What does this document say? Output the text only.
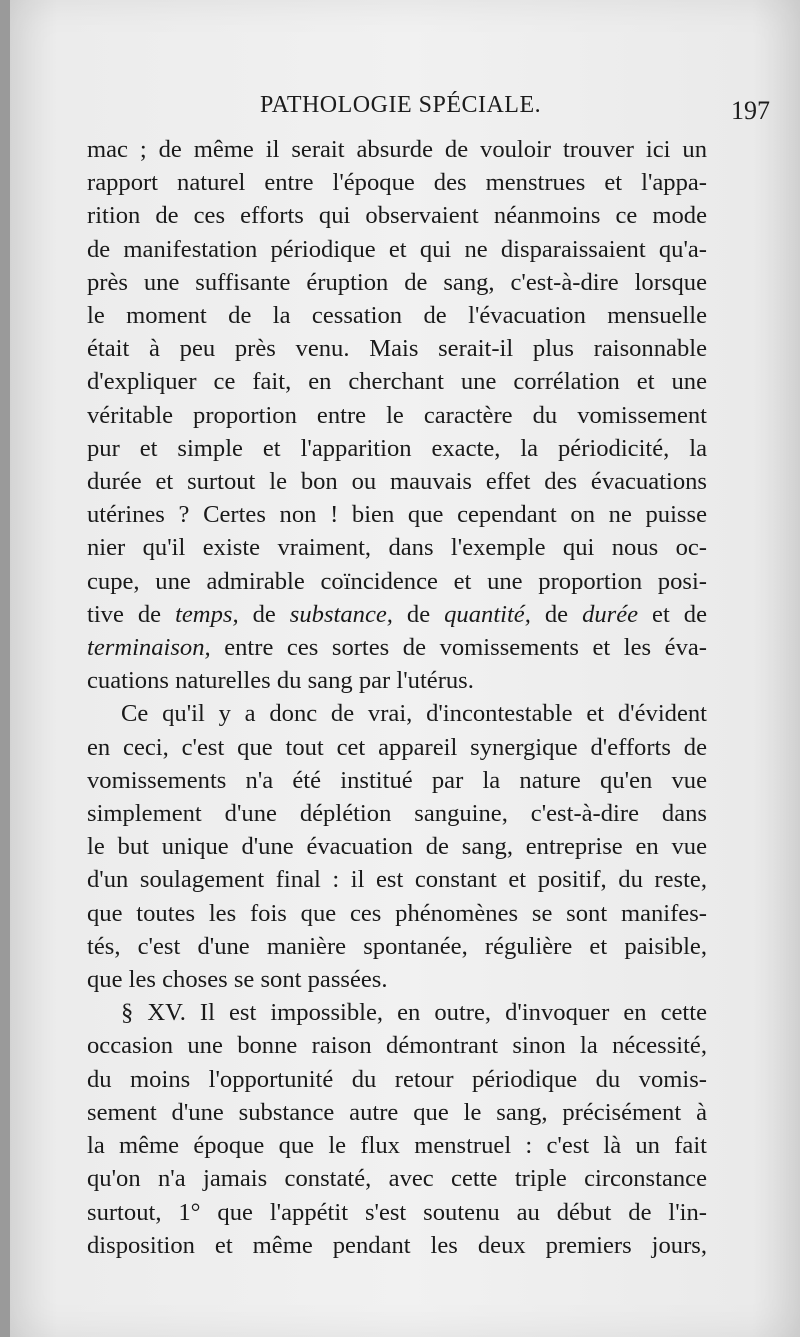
PATHOLOGIE SPÉCIALE.	197
mac ; de même il serait absurde de vouloir trouver ici un
rapport naturel entre l'époque des menstrues et l'appa-
rition de ces efforts qui observaient néanmoins ce mode
de manifestation périodique et qui ne disparaissaient qu'a-
près une suffisante éruption de sang, c'est-à-dire lorsque
le moment de la cessation de l'évacuation mensuelle
était à peu près venu. Mais serait-il plus raisonnable
d'expliquer ce fait, en cherchant une corrélation et une
véritable proportion entre le caractère du vomissement
pur et simple et l'apparition exacte, la périodicité, la
durée et surtout le bon ou mauvais effet des évacuations
utérines ? Certes non ! bien que cependant on ne puisse
nier qu'il existe vraiment, dans l'exemple qui nous oc-
cupe, une admirable coïncidence et une proportion posi-
tive de temps, de substance, de quantité, de durée et de
terminaison, entre ces sortes de vomissements et les éva-
cuations naturelles du sang par l'utérus.
Ce qu'il y a donc de vrai, d'incontestable et d'évident
en ceci, c'est que tout cet appareil synergique d'efforts de
vomissements n'a été institué par la nature qu'en vue
simplement d'une déplétion sanguine, c'est-à-dire dans
le but unique d'une évacuation de sang, entreprise en vue
d'un soulagement final : il est constant et positif, du reste,
que toutes les fois que ces phénomènes se sont manifes-
tés, c'est d'une manière spontanée, régulière et paisible,
que les choses se sont passées.
§ XV. Il est impossible, en outre, d'invoquer en cette
occasion une bonne raison démontrant sinon la nécessité,
du moins l'opportunité du retour périodique du vomis-
sement d'une substance autre que le sang, précisément à
la même époque que le flux menstruel : c'est là un fait
qu'on n'a jamais constaté, avec cette triple circonstance
surtout, 1° que l'appétit s'est soutenu au début de l'in-
disposition et même pendant les deux premiers jours,
